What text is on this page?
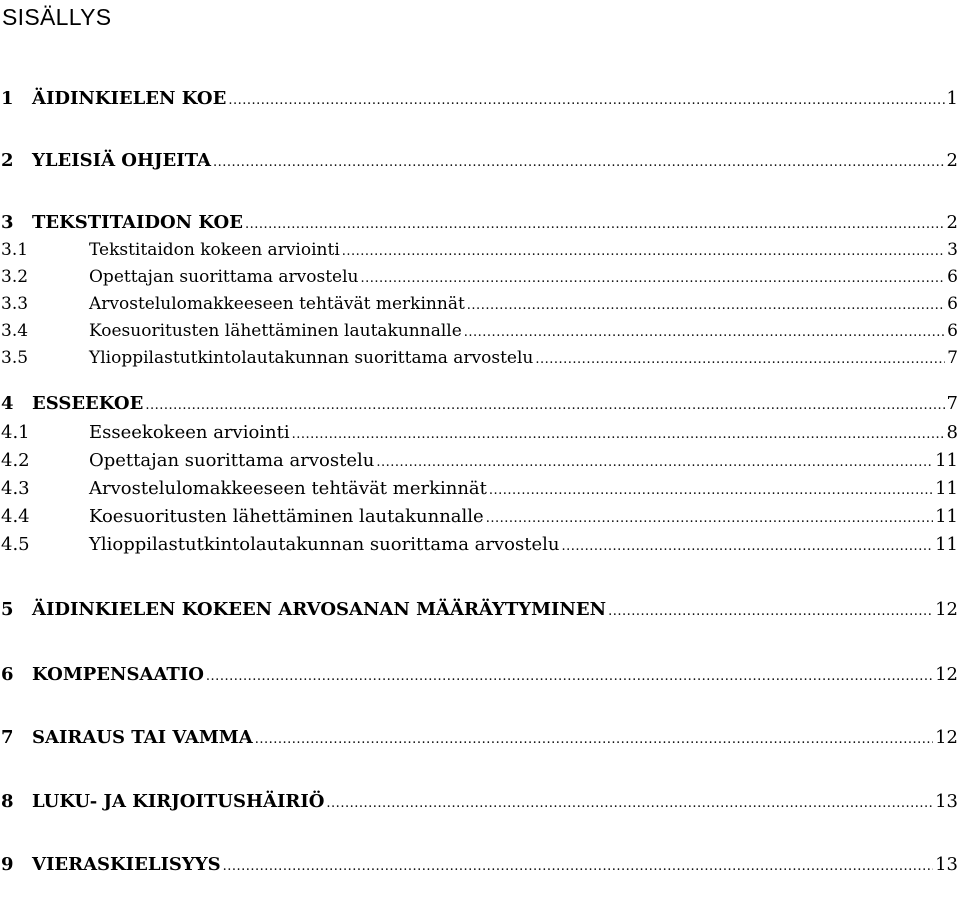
SISÄLLYS
1	ÄIDINKIELEN KOE .....	1
2	YLEISIÄ OHJEITA .....	2
3	TEKSTITAIDON KOE .....	2
3.1	Tekstitaidon kokeen arviointi .....	3
3.2	Opettajan suorittama arvostelu .....	6
3.3	Arvostelulomakkeeseen tehtävät merkinnät .....	6
3.4	Koesuoritusten lähettäminen lautakunnalle .....	6
3.5	Ylioppilastutkintolautakunnan suorittama arvostelu .....	7
4	ESSEEKOE .....	7
4.1	Esseekokeen arviointi .....	8
4.2	Opettajan suorittama arvostelu .....	11
4.3	Arvostelulomakkeeseen tehtävät merkinnät .....	11
4.4	Koesuoritusten lähettäminen lautakunnalle .....	11
4.5	Ylioppilastutkintolautakunnan suorittama arvostelu .....	11
5	ÄIDINKIELEN KOKEEN ARVOSANAN MÄÄRÄYTYMINEN .....	12
6	KOMPENSAATIO .....	12
7	SAIRAUS TAI VAMMA .....	12
8	LUKU- JA KIRJOITUSHÄIRIÖ .....	13
9	VIERASKIELISYYS .....	13
